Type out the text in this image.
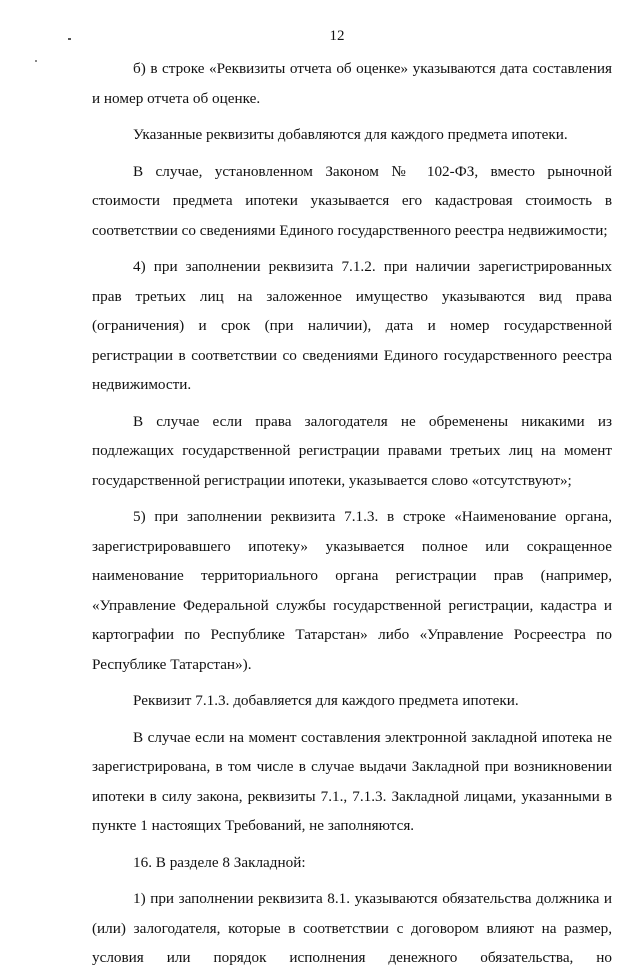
12

б) в строке «Реквизиты отчета об оценке» указываются дата составления и номер отчета об оценке.

Указанные реквизиты добавляются для каждого предмета ипотеки.

В случае, установленном Законом № 102-ФЗ, вместо рыночной стоимости предмета ипотеки указывается его кадастровая стоимость в соответствии со сведениями Единого государственного реестра недвижимости;

4) при заполнении реквизита 7.1.2. при наличии зарегистрированных прав третьих лиц на заложенное имущество указываются вид права (ограничения) и срок (при наличии), дата и номер государственной регистрации в соответствии со сведениями Единого государственного реестра недвижимости.

В случае если права залогодателя не обременены никакими из подлежащих государственной регистрации правами третьих лиц на момент государственной регистрации ипотеки, указывается слово «отсутствуют»;

5) при заполнении реквизита 7.1.3. в строке «Наименование органа, зарегистрировавшего ипотеку» указывается полное или сокращенное наименование территориального органа регистрации прав (например, «Управление Федеральной службы государственной регистрации, кадастра и картографии по Республике Татарстан» либо «Управление Росреестра по Республике Татарстан»).

Реквизит 7.1.3. добавляется для каждого предмета ипотеки.

В случае если на момент составления электронной закладной ипотека не зарегистрирована, в том числе в случае выдачи Закладной при возникновении ипотеки в силу закона, реквизиты 7.1., 7.1.3. Закладной лицами, указанными в пункте 1 настоящих Требований, не заполняются.

16. В разделе 8 Закладной:

1) при заполнении реквизита 8.1. указываются обязательства должника и (или) залогодателя, которые в соответствии с договором влияют на размер, условия или порядок исполнения денежного обязательства, но
